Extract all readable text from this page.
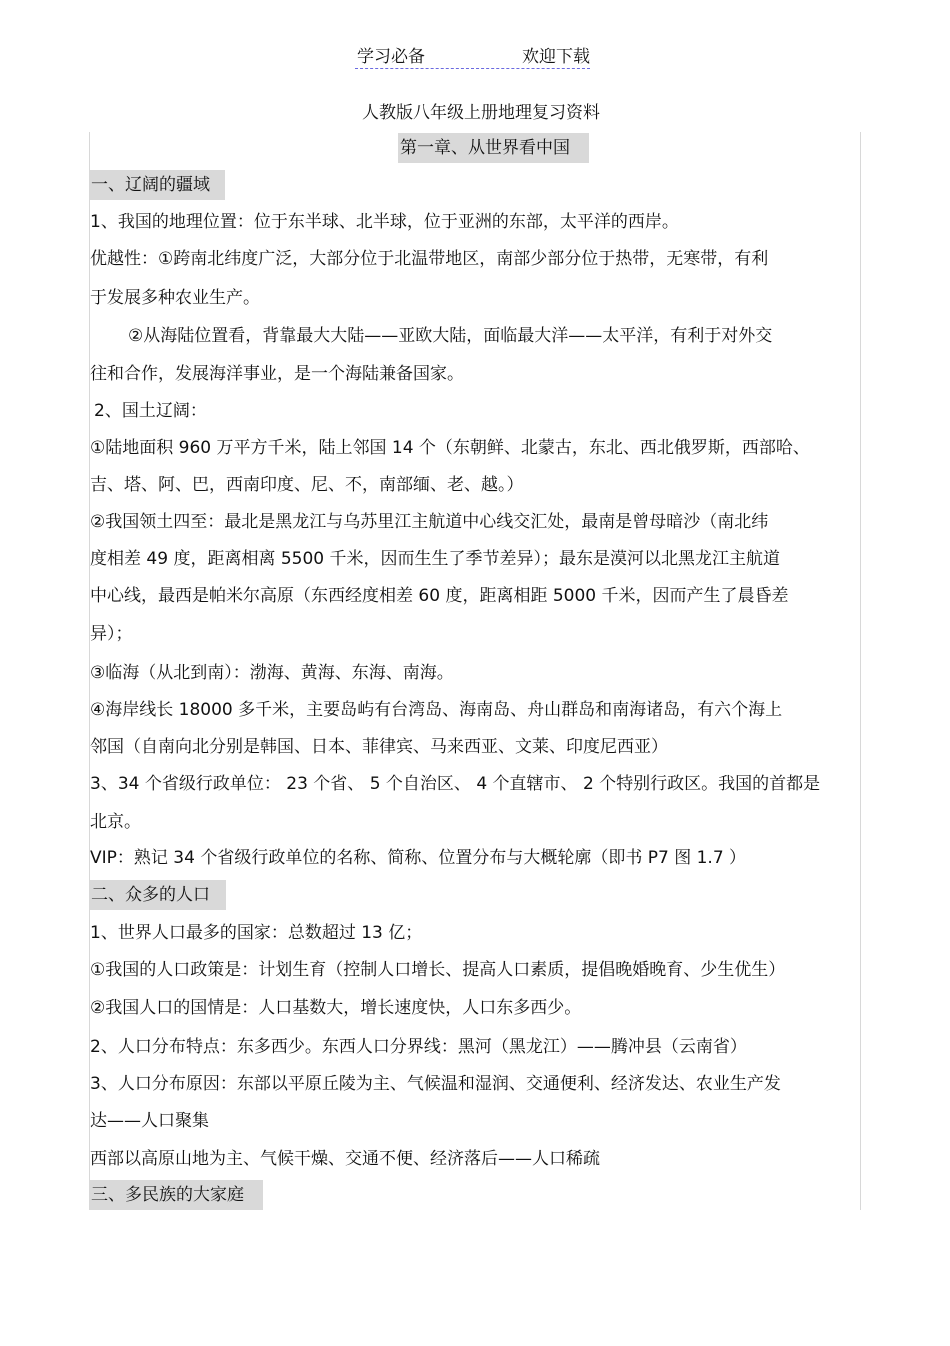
学习必备	欢迎下载
人教版八年级上册地理复习资料
第一章、从世界看中国
一、辽阔的疆域
1、我国的地理位置：位于东半球、北半球，位于亚洲的东部，太平洋的西岸。
优越性：①跨南北纬度广泛，大部分位于北温带地区，南部少部分位于热带，无寒带，有利
于发展多种农业生产。
②从海陆位置看，背靠最大大陆——亚欧大陆，面临最大洋——太平洋，有利于对外交
往和合作，发展海洋事业，是一个海陆兼备国家。
2、国土辽阔：
①陆地面积 960 万平方千米，陆上邻国 14 个（东朝鲜、北蒙古，东北、西北俄罗斯，西部哈、
吉、塔、阿、巴，西南印度、尼、不，南部缅、老、越。）
②我国领土四至：最北是黑龙江与乌苏里江主航道中心线交汇处，最南是曾母暗沙（南北纬
度相差 49 度，距离相离 5500 千米，因而生生了季节差异）；最东是漠河以北黑龙江主航道
中心线，最西是帕米尔高原（东西经度相差 60 度，距离相距 5000 千米，因而产生了晨昏差
异）；
③临海（从北到南）：渤海、黄海、东海、南海。
④海岸线长 18000 多千米，主要岛屿有台湾岛、海南岛、舟山群岛和南海诸岛，有六个海上
邻国（自南向北分别是韩国、日本、菲律宾、马来西亚、文莱、印度尼西亚）
3、34 个省级行政单位： 23 个省、 5 个自治区、 4 个直辖市、 2 个特别行政区。我国的首都是
北京。
VIP：熟记 34 个省级行政单位的名称、简称、位置分布与大概轮廓（即书 P7 图 1.7 ）
二、众多的人口
1、世界人口最多的国家：总数超过 13 亿；
①我国的人口政策是：计划生育（控制人口增长、提高人口素质，提倡晚婚晚育、少生优生）
②我国人口的国情是：人口基数大，增长速度快，人口东多西少。
2、人口分布特点：东多西少。东西人口分界线：黑河（黑龙江）——腾冲县（云南省）
3、人口分布原因：东部以平原丘陵为主、气候温和湿润、交通便利、经济发达、农业生产发
达——人口聚集
西部以高原山地为主、气候干燥、交通不便、经济落后——人口稀疏
三、多民族的大家庭
